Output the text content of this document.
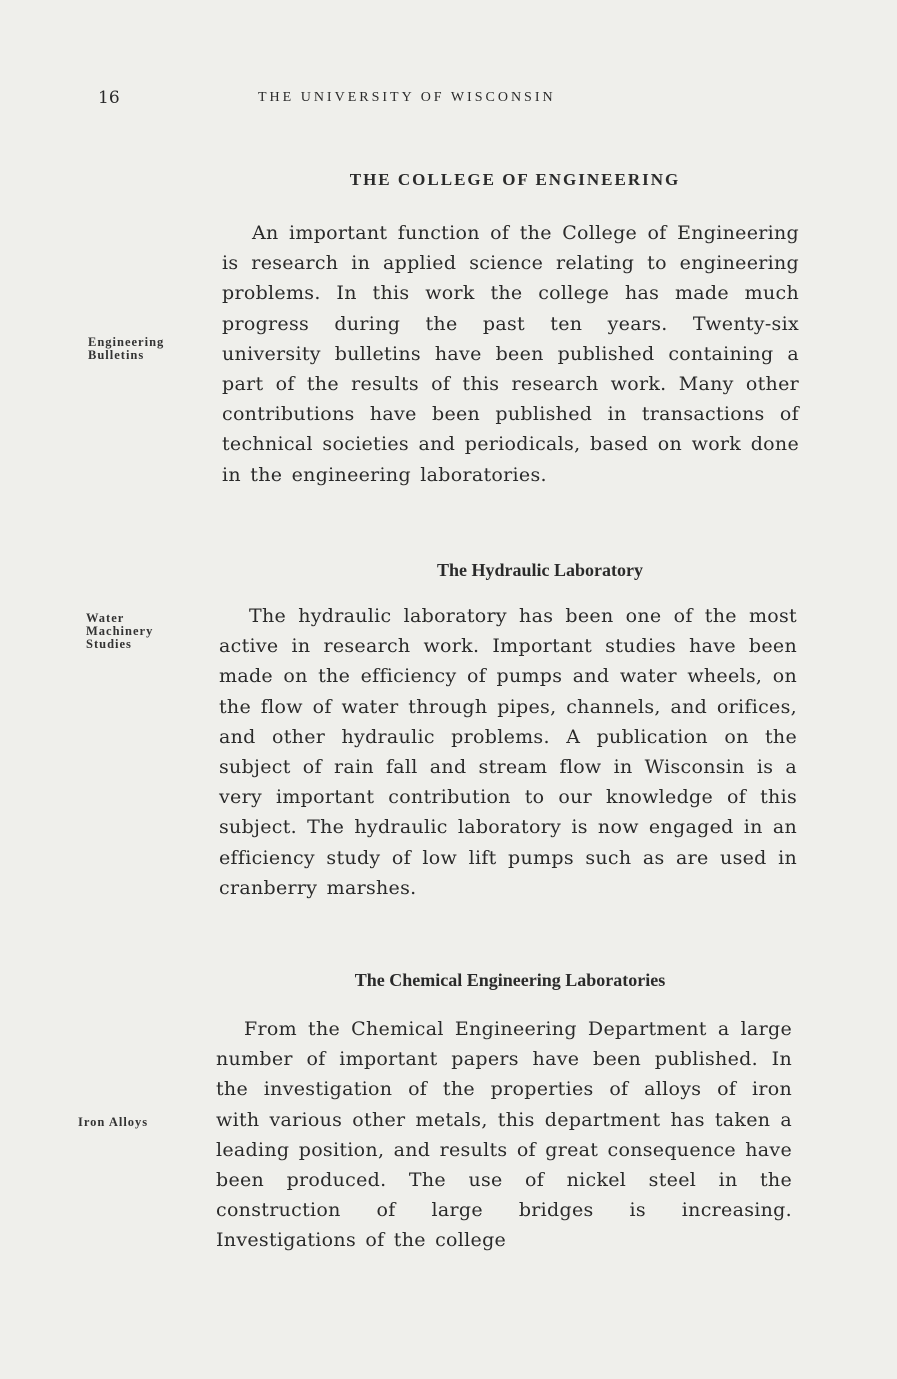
16	THE UNIVERSITY OF WISCONSIN
THE COLLEGE OF ENGINEERING
Engineering Bulletins

An important function of the College of Engineering is research in applied science relating to engineering problems. In this work the college has made much progress during the past ten years. Twenty-six university bulletins have been published containing a part of the results of this research work. Many other contributions have been published in transactions of technical societies and periodicals, based on work done in the engineering laboratories.

The Hydraulic Laboratory
Water Machinery Studies

The hydraulic laboratory has been one of the most active in research work. Important studies have been made on the efficiency of pumps and water wheels, on the flow of water through pipes, channels, and orifices, and other hydraulic problems. A publication on the subject of rain fall and stream flow in Wisconsin is a very important contribution to our knowledge of this subject. The hydraulic laboratory is now engaged in an efficiency study of low lift pumps such as are used in cranberry marshes.

The Chemical Engineering Laboratories
Iron Alloys

From the Chemical Engineering Department a large number of important papers have been published. In the investigation of the properties of alloys of iron with various other metals, this department has taken a leading position, and results of great consequence have been produced. The use of nickel steel in the construction of large bridges is increasing. Investigations of the college
